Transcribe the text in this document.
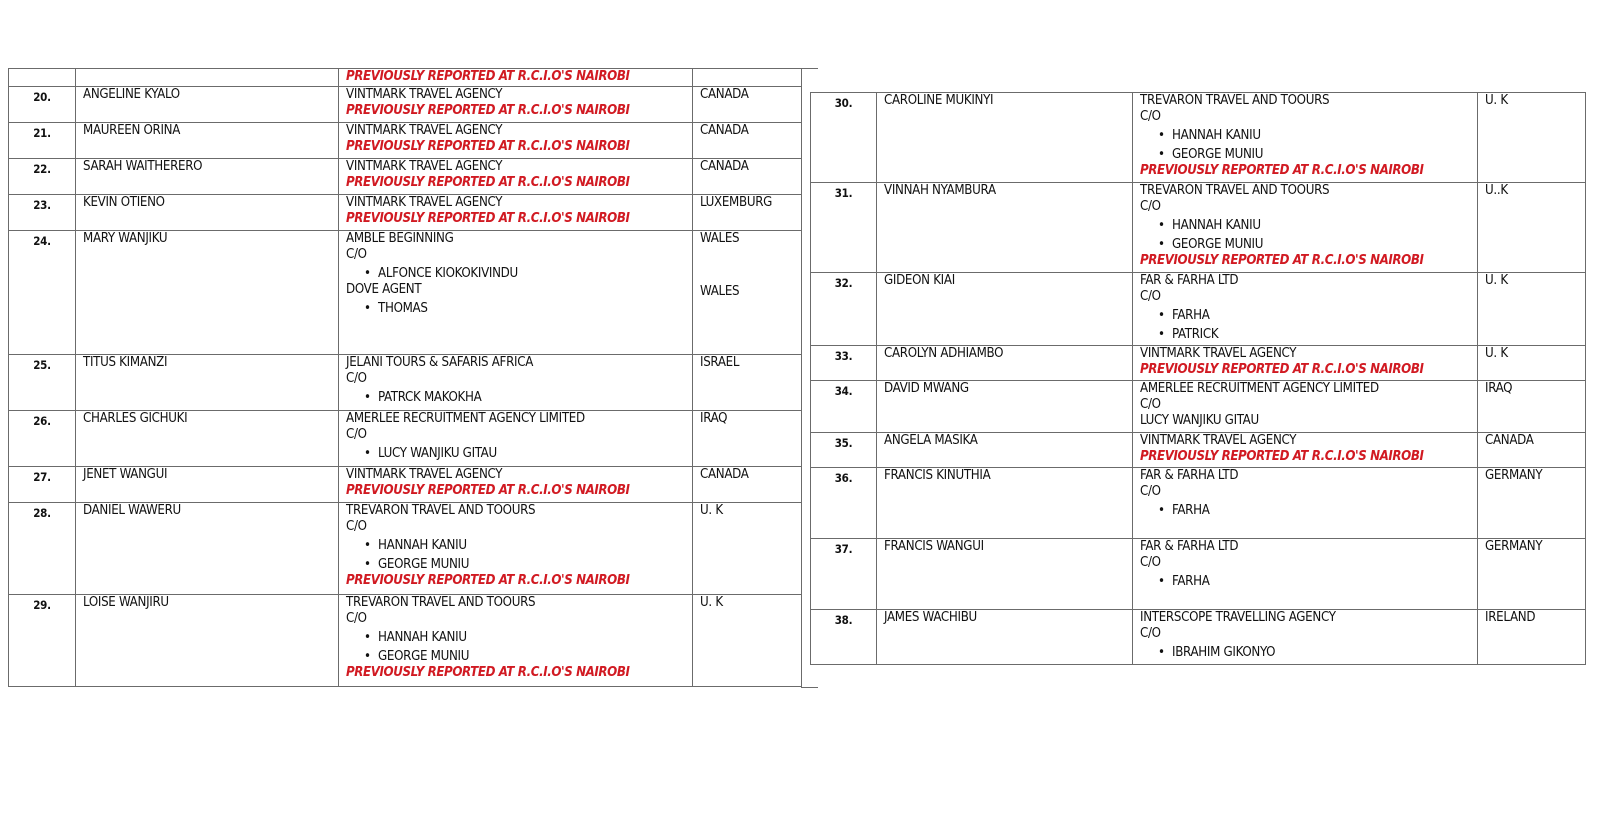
		PREVIOUSLY REPORTED AT R.C.I.O'S NAIROBI	

20.	ANGELINE KYALO	VINTMARK TRAVEL AGENCY
PREVIOUSLY REPORTED AT R.C.I.O'S NAIROBI	CANADA

21.	MAUREEN ORINA	VINTMARK TRAVEL AGENCY
PREVIOUSLY REPORTED AT R.C.I.O'S NAIROBI	CANADA

22.	SARAH WAITHERERO	VINTMARK TRAVEL AGENCY
PREVIOUSLY REPORTED AT R.C.I.O'S NAIROBI	CANADA

23.	KEVIN OTIENO	VINTMARK TRAVEL AGENCY
PREVIOUSLY REPORTED AT R.C.I.O'S NAIROBI	LUXEMBURG

24.	MARY WANJIKU	AMBLE BEGINNING
C/O
• ALFONCE KIOKOKIVINDU
DOVE AGENT
• THOMAS	WALES
WALES

25.	TITUS KIMANZI	JELANI TOURS & SAFARIS AFRICA
C/O
• PATRCK MAKOKHA	ISRAEL

26.	CHARLES GICHUKI	AMERLEE RECRUITMENT AGENCY LIMITED
C/O
• LUCY WANJIKU GITAU	IRAQ

27.	JENET WANGUI	VINTMARK TRAVEL AGENCY
PREVIOUSLY REPORTED AT R.C.I.O'S NAIROBI	CANADA

28.	DANIEL WAWERU	TREVARON TRAVEL AND TOOURS
C/O
• HANNAH KANIU
• GEORGE MUNIU
PREVIOUSLY REPORTED AT R.C.I.O'S NAIROBI	U. K

29.	LOISE WANJIRU	TREVARON TRAVEL AND TOOURS
C/O
• HANNAH KANIU
• GEORGE MUNIU
PREVIOUSLY REPORTED AT R.C.I.O'S NAIROBI	U. K
30.	CAROLINE MUKINYI	TREVARON TRAVEL AND TOOURS
C/O
• HANNAH KANIU
• GEORGE MUNIU
PREVIOUSLY REPORTED AT R.C.I.O'S NAIROBI	U. K

31.	VINNAH NYAMBURA	TREVARON TRAVEL AND TOOURS
C/O
• HANNAH KANIU
• GEORGE MUNIU
PREVIOUSLY REPORTED AT R.C.I.O'S NAIROBI	U..K

32.	GIDEON KIAI	FAR & FARHA LTD
C/O
• FARHA
• PATRICK	U. K

33.	CAROLYN ADHIAMBO	VINTMARK TRAVEL AGENCY
PREVIOUSLY REPORTED AT R.C.I.O'S NAIROBI	U. K

34.	DAVID MWANG	AMERLEE RECRUITMENT AGENCY LIMITED
C/O
LUCY WANJIKU GITAU	IRAQ

35.	ANGELA MASIKA	VINTMARK TRAVEL AGENCY
PREVIOUSLY REPORTED AT R.C.I.O'S NAIROBI	CANADA

36.	FRANCIS KINUTHIA	FAR & FARHA LTD
C/O
• FARHA	GERMANY

37.	FRANCIS WANGUI	FAR & FARHA LTD
C/O
• FARHA	GERMANY

38.	JAMES WACHIBU	INTERSCOPE TRAVELLING AGENCY
C/O
• IBRAHIM GIKONYO	IRELAND
